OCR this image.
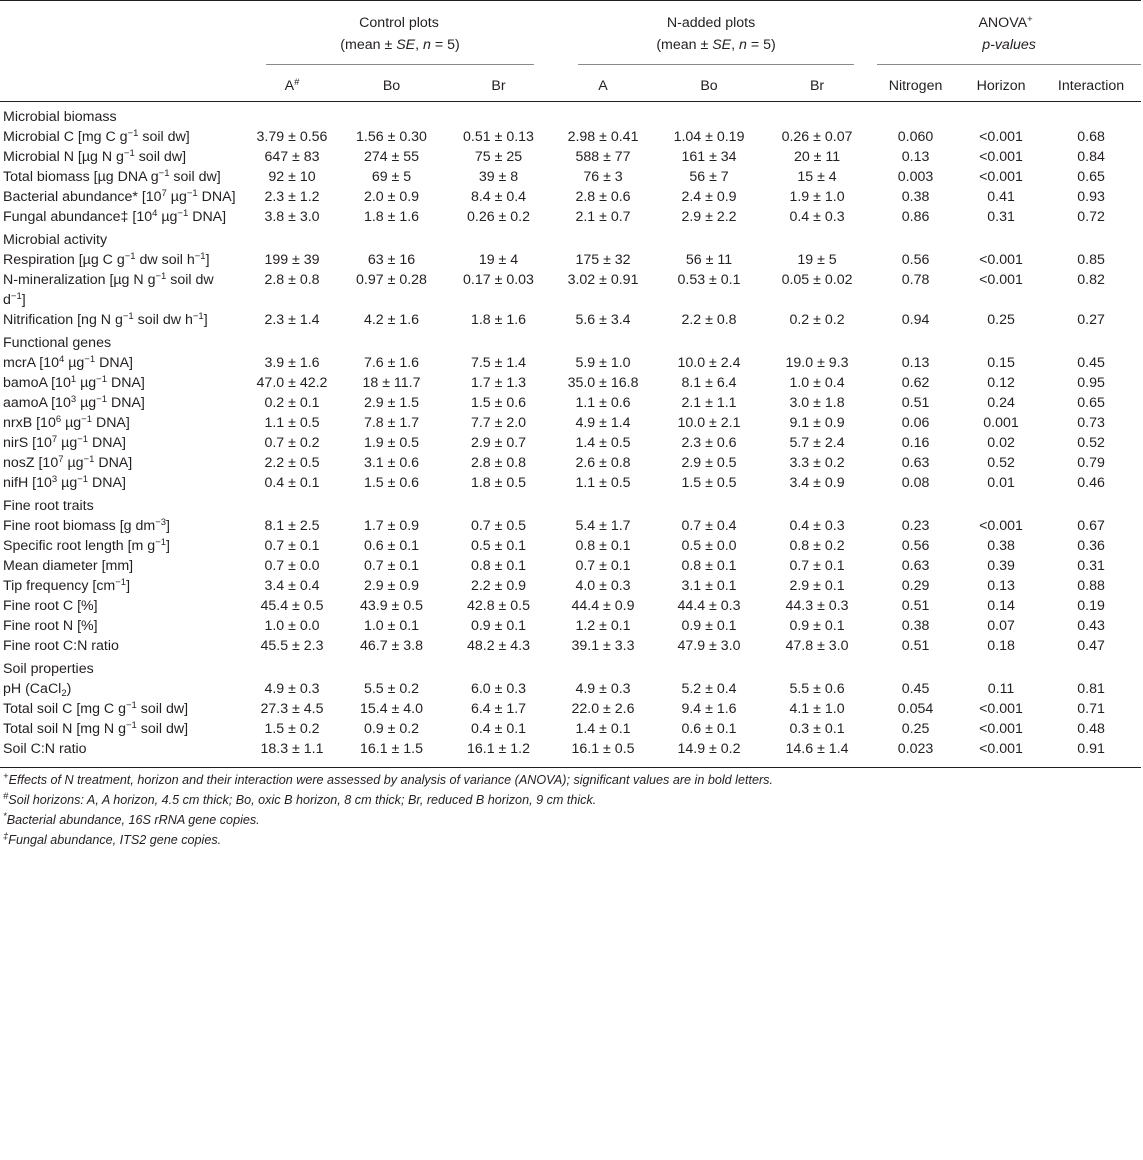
	Control plots			N-added plots			ANOVA+

	(mean ± SE, n = 5)			(mean ± SE, n = 5)			p-values		

	A#	Bo	Br	A	Bo	Br	Nitrogen	Horizon	Interaction
Microbial biomass									
Microbial C [mg C $g^{-1}$ soil dw]	3.79 ± 0.56	1.56 ± 0.30	0.51 ± 0.13	2.98 ± 0.41	1.04 ± 0.19	0.26 ± 0.07	0.060	<0.001	0.68
Microbial N [µg N $g^{-1}$ soil dw]	647 ± 83	274 ± 55	75 ± 25	588 ± 77	161 ± 34	20 ± 11	0.13	<0.001	0.84
Total biomass [µg DNA $g^{-1}$ soil dw]	92 ± 10	69 ± 5	39 ± 8	76 ± 3	56 ± 7	15 ± 4	0.003	<0.001	0.65
Bacterial abundance* [$10^7$ µg$^{-1}$ DNA]	2.3 ± 1.2	2.0 ± 0.9	8.4 ± 0.4	2.8 ± 0.6	2.4 ± 0.9	1.9 ± 1.0	0.38	0.41	0.93
Fungal abundance‡ [$10^4$ µg$^{-1}$ DNA]	3.8 ± 3.0	1.8 ± 1.6	0.26 ± 0.2	2.1 ± 0.7	2.9 ± 2.2	0.4 ± 0.3	0.86	0.31	0.72
Microbial activity									
Respiration [µg C $g^{-1}$ dw soil $h^{-1}$]	199 ± 39	63 ± 16	19 ± 4	175 ± 32	56 ± 11	19 ± 5	0.56	<0.001	0.85
N-mineralization [µg N $g^{-1}$ soil dw $d^{-1}$]	2.8 ± 0.8	0.97 ± 0.28	0.17 ± 0.03	3.02 ± 0.91	0.53 ± 0.1	0.05 ± 0.02	0.78	<0.001	0.82
Nitrification [ng N $g^{-1}$ soil dw $h^{-1}$]	2.3 ± 1.4	4.2 ± 1.6	1.8 ± 1.6	5.6 ± 3.4	2.2 ± 0.8	0.2 ± 0.2	0.94	0.25	0.27
Functional genes									
mcrA [$10^4$ µg$^{-1}$ DNA]	3.9 ± 1.6	7.6 ± 1.6	7.5 ± 1.4	5.9 ± 1.0	10.0 ± 2.4	19.0 ± 9.3	0.13	0.15	0.45
bamoA [$10^1$ µg$^{-1}$ DNA]	47.0 ± 42.2	18 ± 11.7	1.7 ± 1.3	35.0 ± 16.8	8.1 ± 6.4	1.0 ± 0.4	0.62	0.12	0.95
aamoA [$10^3$ µg$^{-1}$ DNA]	0.2 ± 0.1	2.9 ± 1.5	1.5 ± 0.6	1.1 ± 0.6	2.1 ± 1.1	3.0 ± 1.8	0.51	0.24	0.65
nrxB [$10^6$ µg$^{-1}$ DNA]	1.1 ± 0.5	7.8 ± 1.7	7.7 ± 2.0	4.9 ± 1.4	10.0 ± 2.1	9.1 ± 0.9	0.06	0.001	0.73
nirS [$10^7$ µg$^{-1}$ DNA]	0.7 ± 0.2	1.9 ± 0.5	2.9 ± 0.7	1.4 ± 0.5	2.3 ± 0.6	5.7 ± 2.4	0.16	0.02	0.52
nosZ [$10^7$ µg$^{-1}$ DNA]	2.2 ± 0.5	3.1 ± 0.6	2.8 ± 0.8	2.6 ± 0.8	2.9 ± 0.5	3.3 ± 0.2	0.63	0.52	0.79
nifH [$10^3$ µg$^{-1}$ DNA]	0.4 ± 0.1	1.5 ± 0.6	1.8 ± 0.5	1.1 ± 0.5	1.5 ± 0.5	3.4 ± 0.9	0.08	0.01	0.46
Fine root traits									
Fine root biomass [g $dm^{-3}$]	8.1 ± 2.5	1.7 ± 0.9	0.7 ± 0.5	5.4 ± 1.7	0.7 ± 0.4	0.4 ± 0.3	0.23	<0.001	0.67
Specific root length [m $g^{-1}$]	0.7 ± 0.1	0.6 ± 0.1	0.5 ± 0.1	0.8 ± 0.1	0.5 ± 0.0	0.8 ± 0.2	0.56	0.38	0.36
Mean diameter [mm]	0.7 ± 0.0	0.7 ± 0.1	0.8 ± 0.1	0.7 ± 0.1	0.8 ± 0.1	0.7 ± 0.1	0.63	0.39	0.31
Tip frequency $[cm^{-1}]$	3.4 ± 0.4	2.9 ± 0.9	2.2 ± 0.9	4.0 ± 0.3	3.1 ± 0.1	2.9 ± 0.1	0.29	0.13	0.88
Fine root C [%]	45.4 ± 0.5	43.9 ± 0.5	42.8 ± 0.5	44.4 ± 0.9	44.4 ± 0.3	44.3 ± 0.3	0.51	0.14	0.19
Fine root N [%]	1.0 ± 0.0	1.0 ± 0.1	0.9 ± 0.1	1.2 ± 0.1	0.9 ± 0.1	0.9 ± 0.1	0.38	0.07	0.43
Fine root C:N ratio	45.5 ± 2.3	46.7 ± 3.8	48.2 ± 4.3	39.1 ± 3.3	47.9 ± 3.0	47.8 ± 3.0	0.51	0.18	0.47
Soil properties									
pH (CaCl$_2$)	4.9 ± 0.3	5.5 ± 0.2	6.0 ± 0.3	4.9 ± 0.3	5.2 ± 0.4	5.5 ± 0.6	0.45	0.11	0.81
Total soil C [mg C $g^{-1}$ soil dw]	27.3 ± 4.5	15.4 ± 4.0	6.4 ± 1.7	22.0 ± 2.6	9.4 ± 1.6	4.1 ± 1.0	0.054	<0.001	0.71
Total soil N [mg N $g^{-1}$ soil dw]	1.5 ± 0.2	0.9 ± 0.2	0.4 ± 0.1	1.4 ± 0.1	0.6 ± 0.1	0.3 ± 0.1	0.25	<0.001	0.48
Soil C:N ratio	18.3 ± 1.1	16.1 ± 1.5	16.1 ± 1.2	16.1 ± 0.5	14.9 ± 0.2	14.6 ± 1.4	0.023	<0.001	0.91
+Effects of N treatment, horizon and their interaction were assessed by analysis of variance (ANOVA); significant values are in bold letters.
#Soil horizons: A, A horizon, 4.5 cm thick; Bo, oxic B horizon, 8 cm thick; Br, reduced B horizon, 9 cm thick.
*Bacterial abundance, 16S rRNA gene copies.
‡Fungal abundance, ITS2 gene copies.
